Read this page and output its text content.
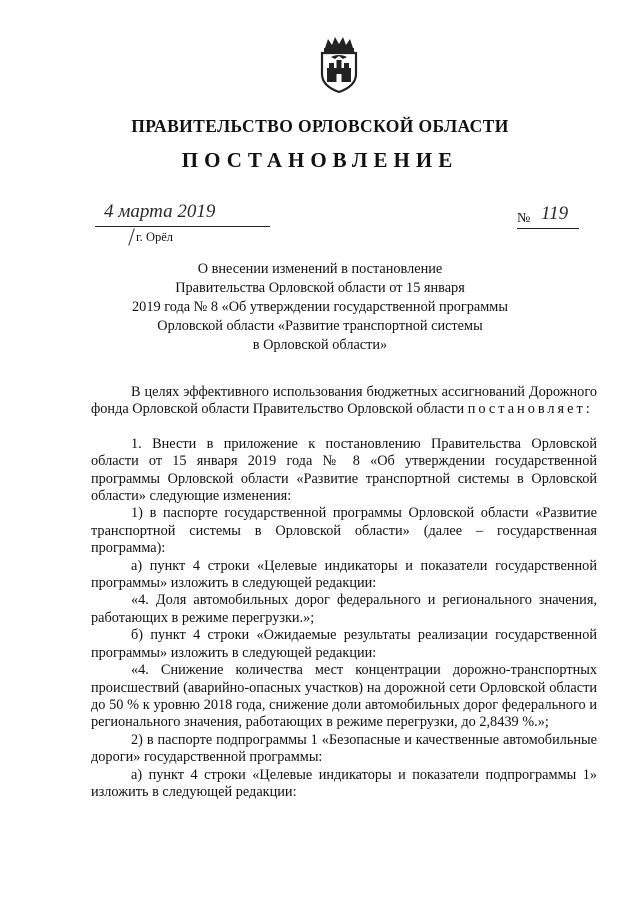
ПРАВИТЕЛЬСТВО ОРЛОВСКОЙ ОБЛАСТИ
ПОСТАНОВЛЕНИЕ
4 марта 2019
г. Орёл
№ 119
О внесении изменений в постановление
Правительства Орловской области от 15 января
2019 года № 8 «Об утверждении государственной программы
Орловской области «Развитие транспортной системы
в Орловской области»

В целях эффективного использования бюджетных ассигнований Дорожного фонда Орловской области Правительство Орловской области постановляет:

1. Внести в приложение к постановлению Правительства Орловской области от 15 января 2019 года № 8 «Об утверждении государственной программы Орловской области «Развитие транспортной системы в Орловской области» следующие изменения:

1) в паспорте государственной программы Орловской области «Развитие транспортной системы в Орловской области» (далее – государственная программа):

а) пункт 4 строки «Целевые индикаторы и показатели государственной программы» изложить в следующей редакции:

«4. Доля автомобильных дорог федерального и регионального значения, работающих в режиме перегрузки.»;

б) пункт 4 строки «Ожидаемые результаты реализации государственной программы» изложить в следующей редакции:

«4. Снижение количества мест концентрации дорожно-транспортных происшествий (аварийно-опасных участков) на дорожной сети Орловской области до 50 % к уровню 2018 года, снижение доли автомобильных дорог федерального и регионального значения, работающих в режиме перегрузки, до 2,8439 %.»;

2) в паспорте подпрограммы 1 «Безопасные и качественные автомобильные дороги» государственной программы:

а) пункт 4 строки «Целевые индикаторы и показатели подпрограммы 1» изложить в следующей редакции:
